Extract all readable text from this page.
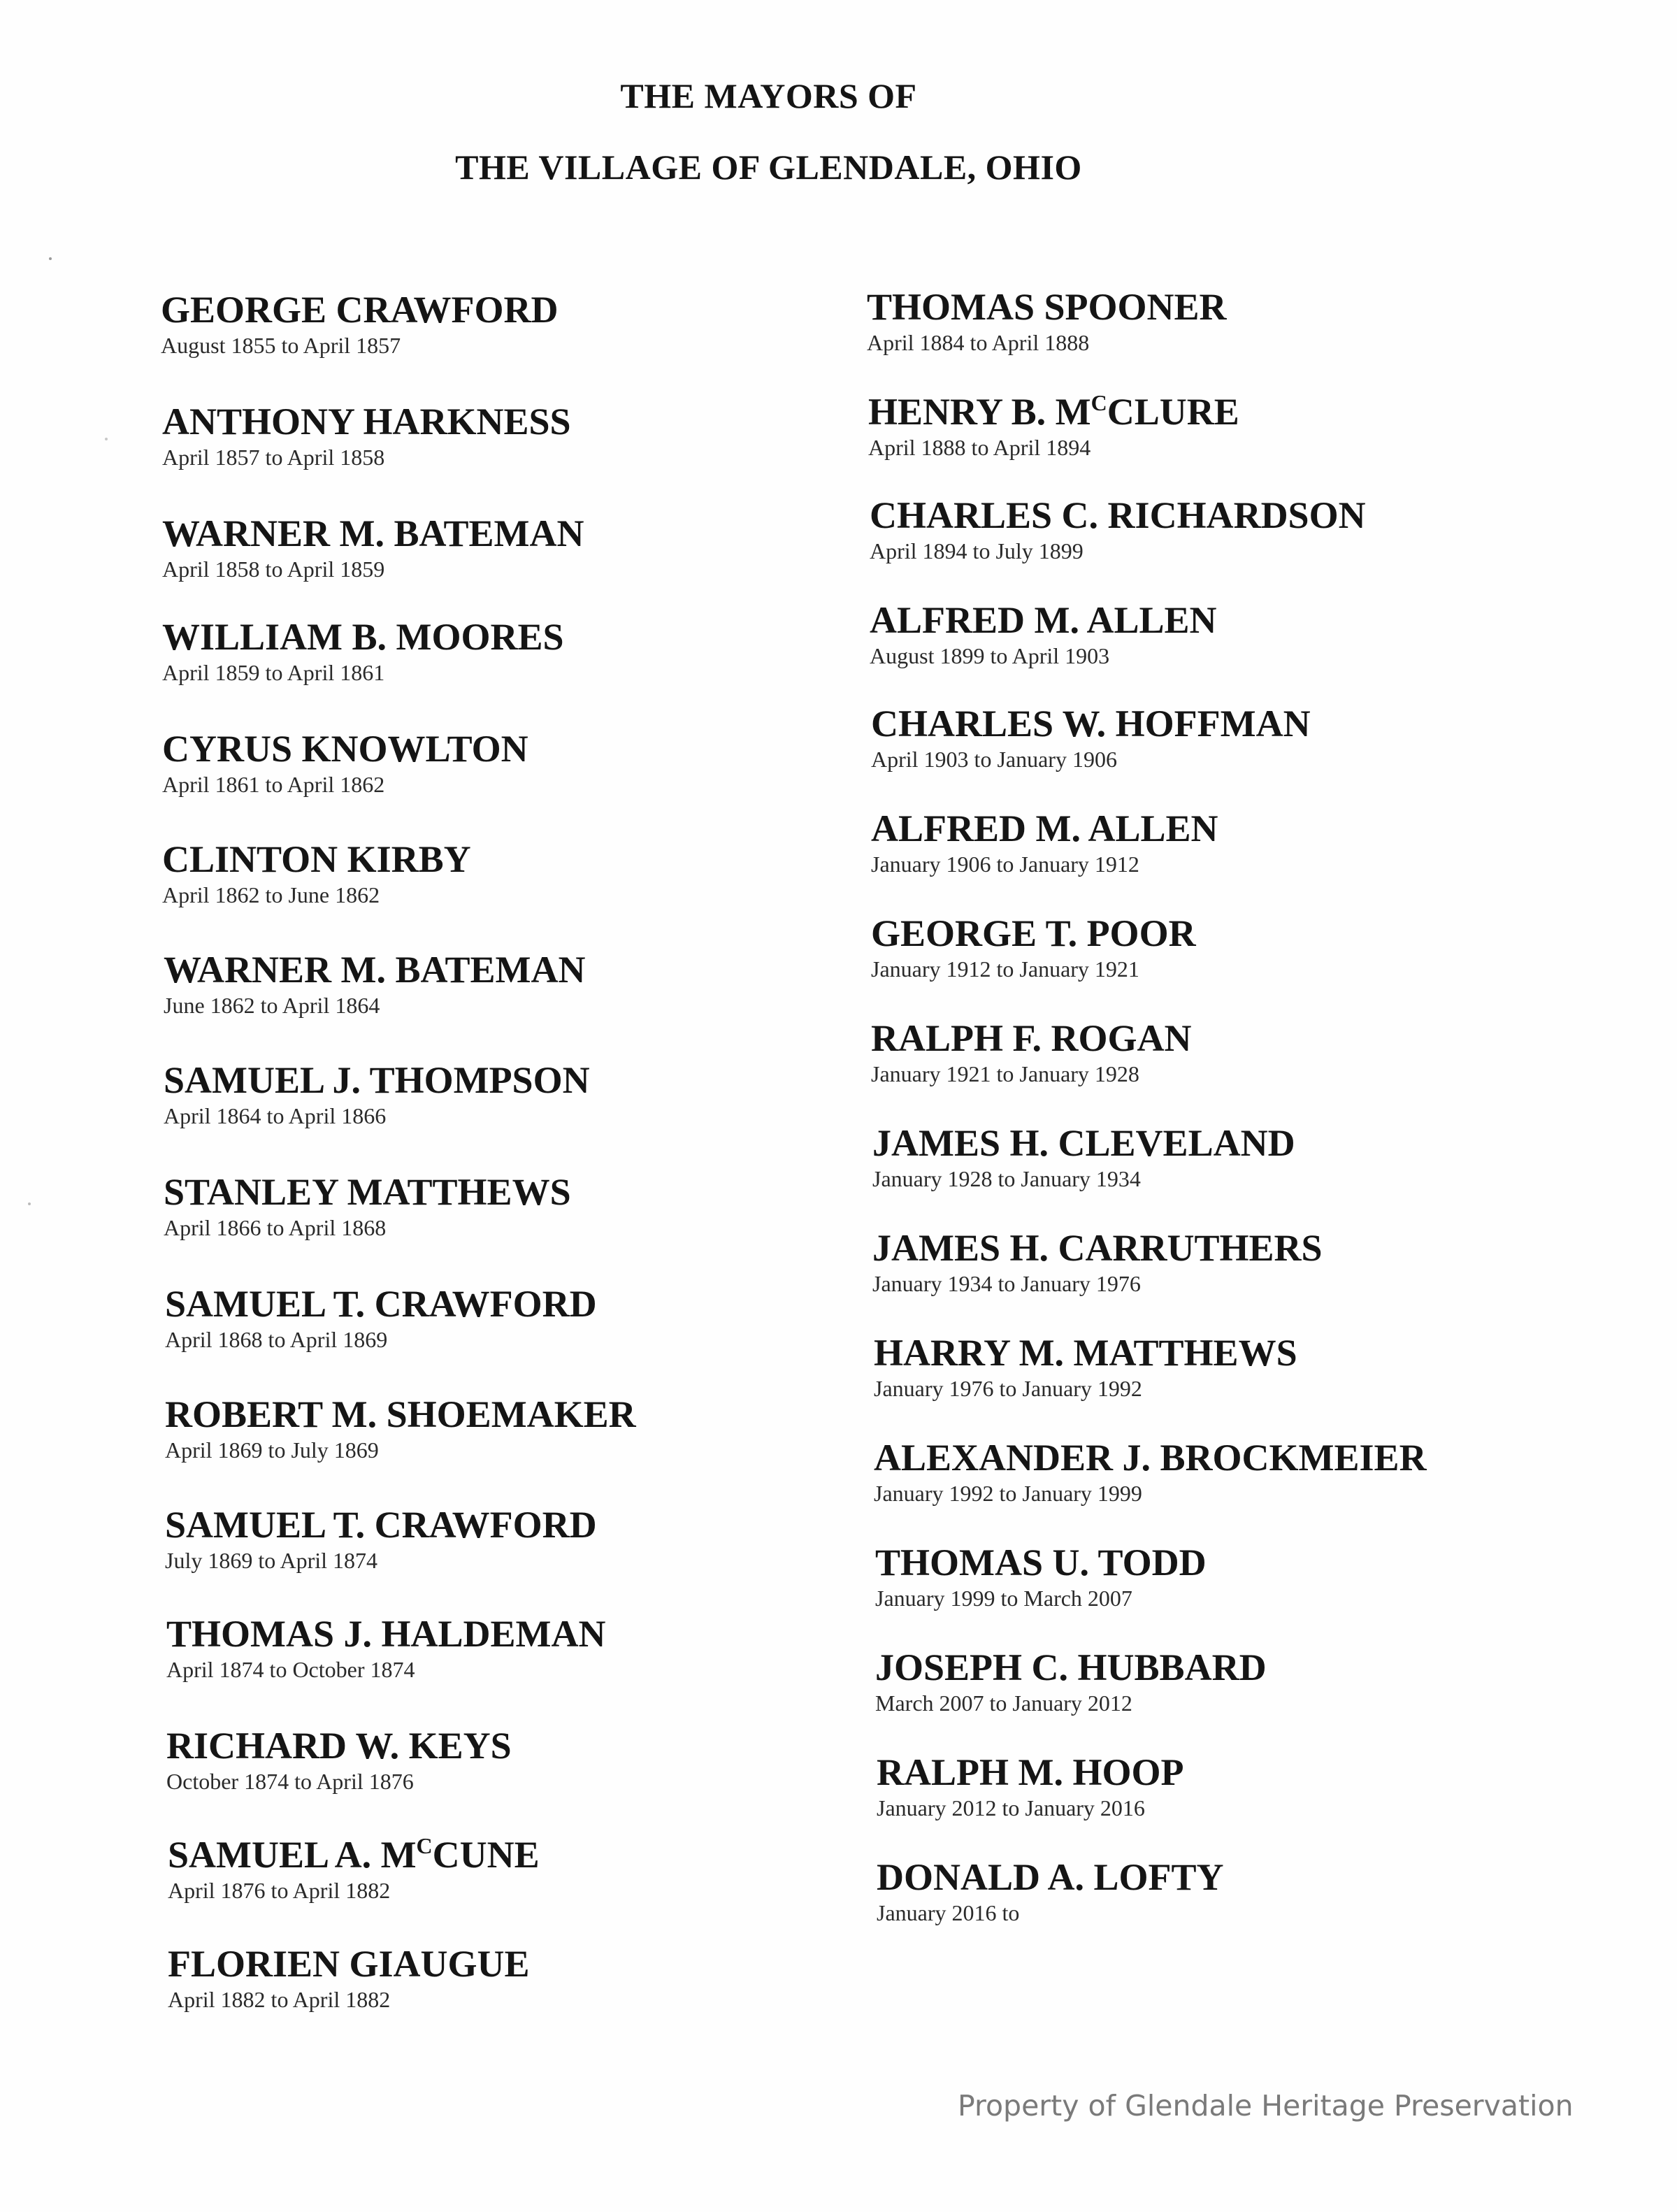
THE MAYORS OF
THE VILLAGE OF GLENDALE, OHIO
GEORGE CRAWFORD
August 1855 to April 1857
ANTHONY HARKNESS
April 1857 to April 1858
WARNER M. BATEMAN
April 1858 to April 1859
WILLIAM B. MOORES
April 1859 to April 1861
CYRUS KNOWLTON
April 1861 to April 1862
CLINTON KIRBY
April 1862 to June 1862
WARNER M. BATEMAN
June 1862 to April 1864
SAMUEL J. THOMPSON
April 1864 to April 1866
STANLEY MATTHEWS
April 1866 to April 1868
SAMUEL T. CRAWFORD
April 1868 to April 1869
ROBERT M. SHOEMAKER
April 1869 to July 1869
SAMUEL T. CRAWFORD
July 1869 to April 1874
THOMAS J. HALDEMAN
April 1874 to October 1874
RICHARD W. KEYS
October 1874 to April 1876
SAMUEL A. $M^CCUNE$
April 1876 to April 1882
FLORIEN GIAUGUE
April 1882 to April 1882
THOMAS SPOONER
April 1884 to April 1888
HENRY B. $M^CCLURE$
April 1888 to April 1894
CHARLES C. RICHARDSON
April 1894 to July 1899
ALFRED M. ALLEN
August 1899 to April 1903
CHARLES W. HOFFMAN
April 1903 to January 1906
ALFRED M. ALLEN
January 1906 to January 1912
GEORGE T. POOR
January 1912 to January 1921
RALPH F. ROGAN
January 1921 to January 1928
JAMES H. CLEVELAND
January 1928 to January 1934
JAMES H. CARRUTHERS
January 1934 to January 1976
HARRY M. MATTHEWS
January 1976 to January 1992
ALEXANDER J. BROCKMEIER
January 1992 to January 1999
THOMAS U. TODD
January 1999 to March 2007
JOSEPH C. HUBBARD
March 2007 to January 2012
RALPH M. HOOP
January 2012 to January 2016
DONALD A. LOFTY
January 2016 to
Property of Glendale Heritage Preservation
